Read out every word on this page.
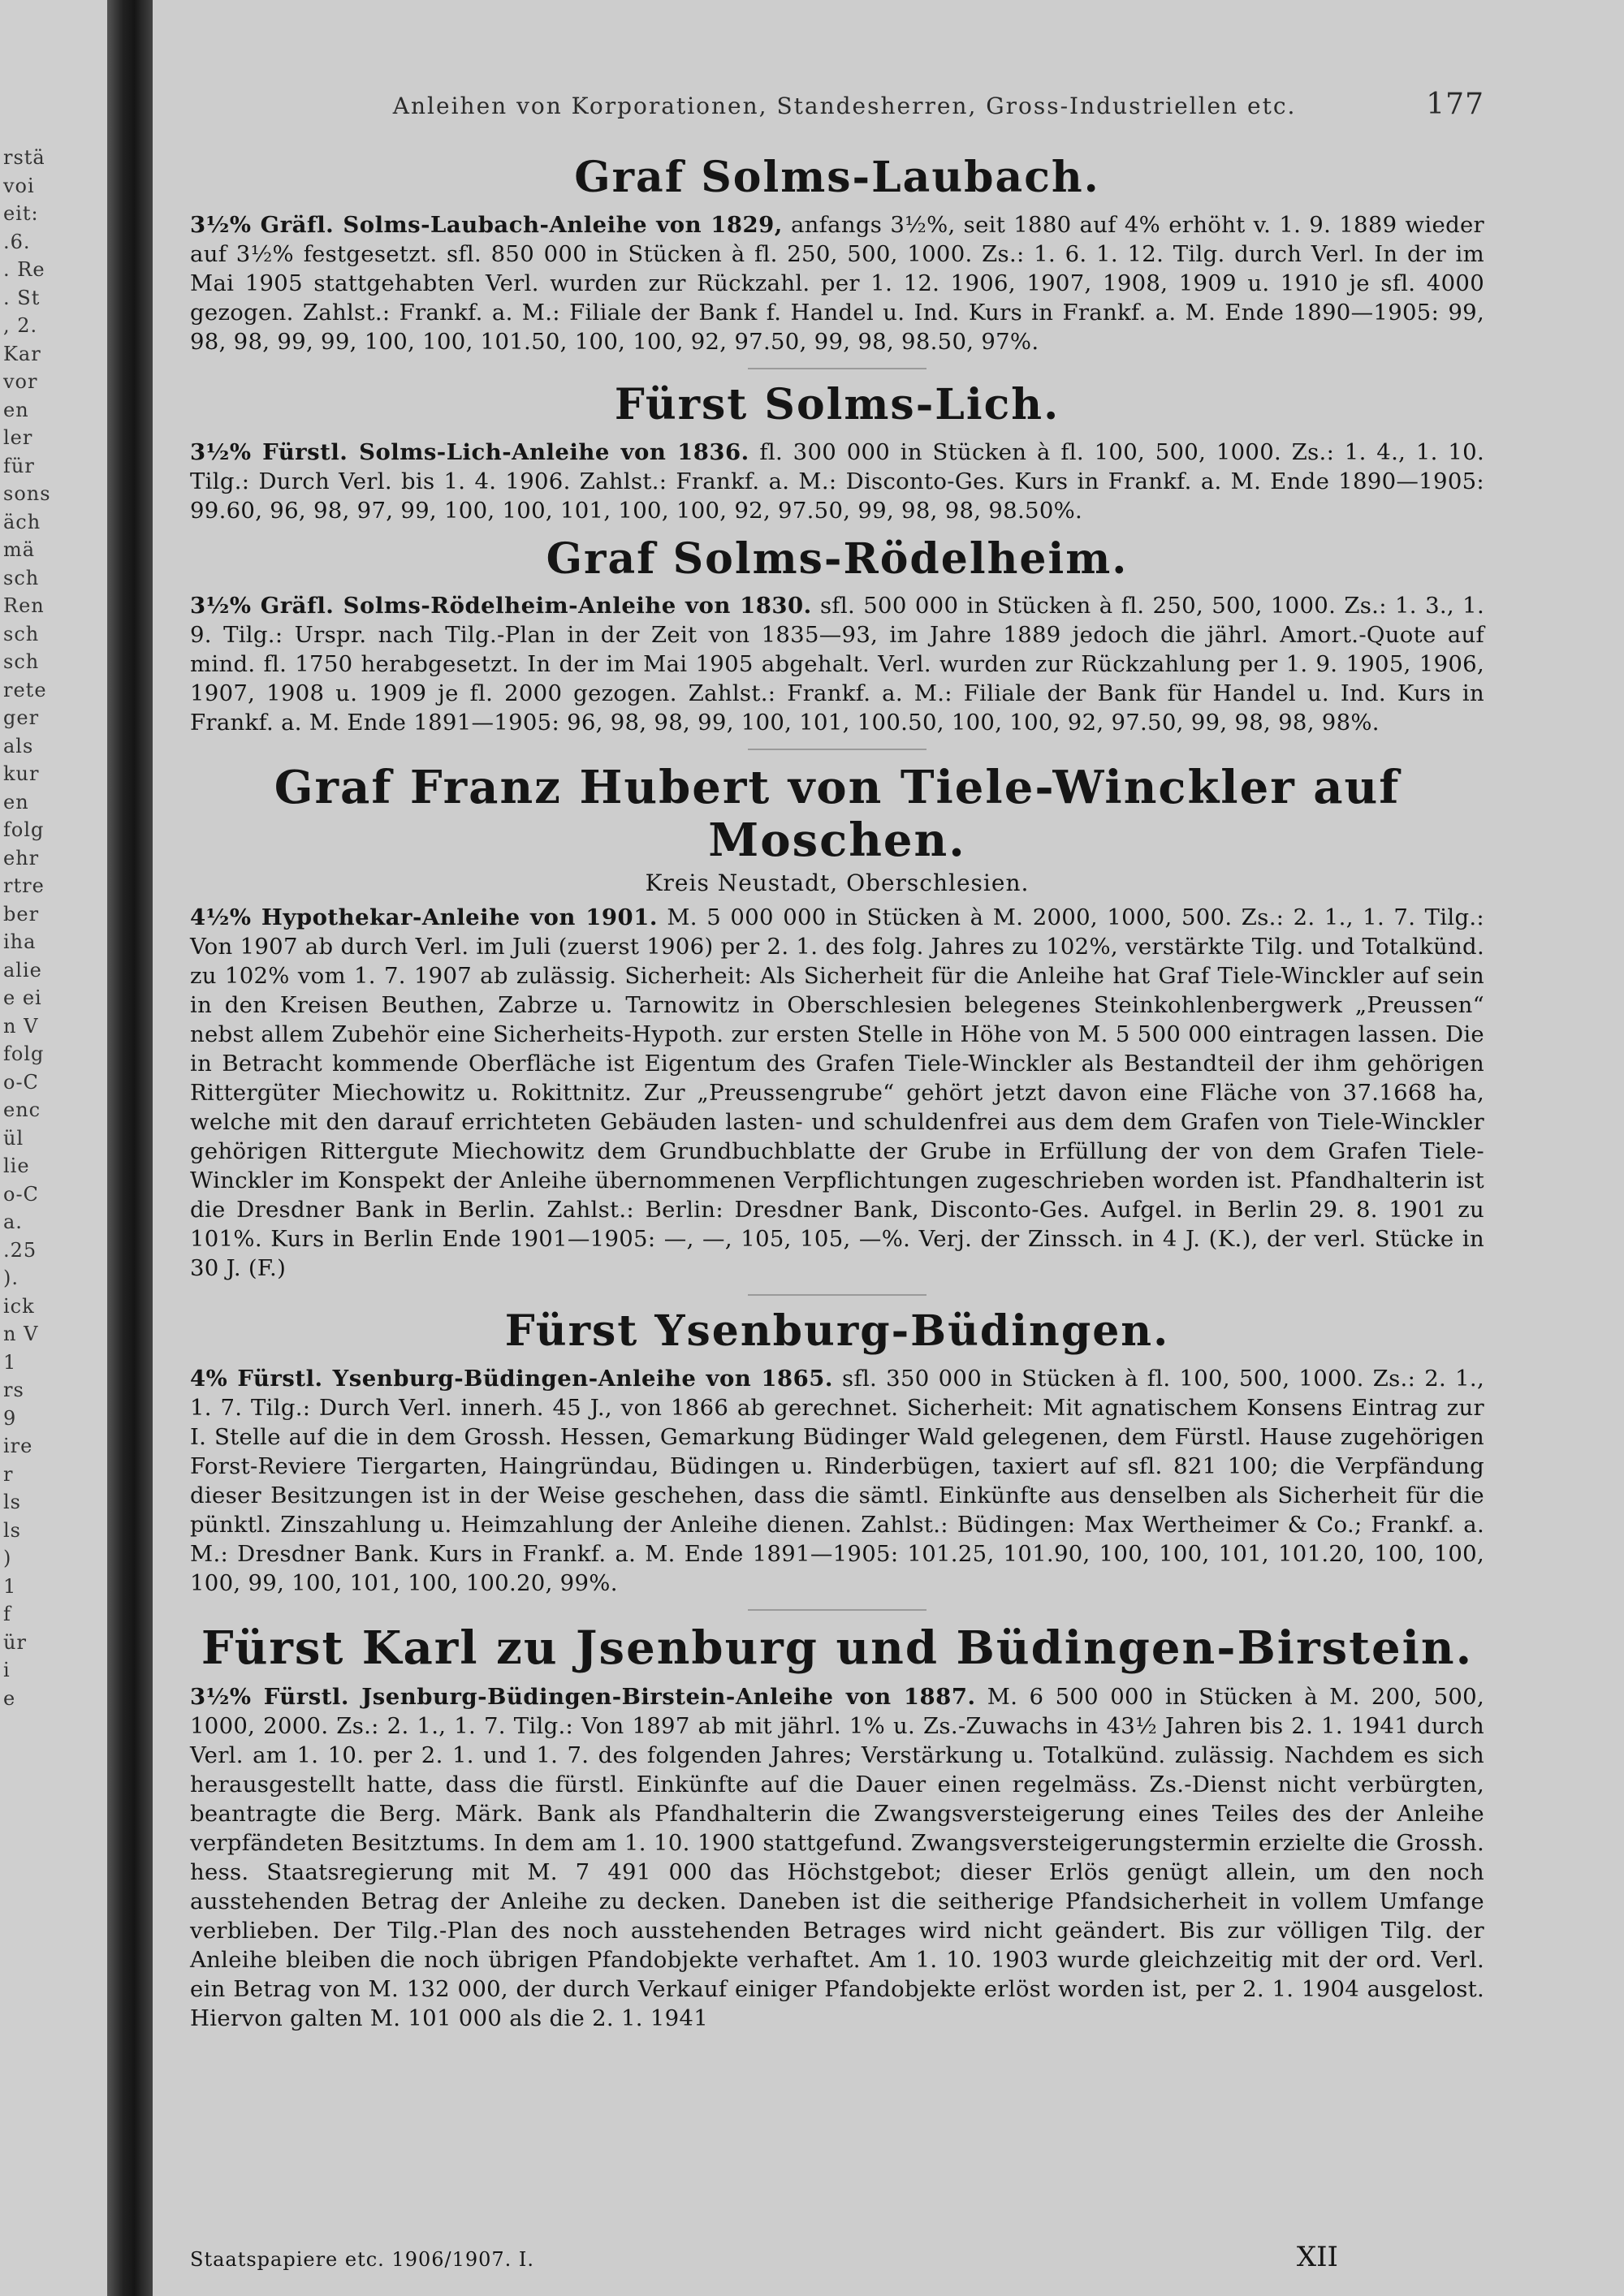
rstä
voi
eit:
.6.
. Re
. St
, 2.
Kar
vor
en
ler
für
sons
äch
mä
sch
Ren
sch
sch
rete
ger
als
kur
en
folg
ehr
rtre
ber
iha
alie
e ei
n V
folg
o-C
enc
ül
lie
o-C
a.
.25
).
ick
n V
1
rs
9
ire
r
ls
ls
)
1
f
ür
i
e
Anleihen von Korporationen, Standesherren, Gross-Industriellen etc.	177
Graf Solms-Laubach.
3½% Gräfl. Solms-Laubach-Anleihe von 1829, anfangs 3½%, seit 1880 auf 4% erhöht v. 1. 9. 1889 wieder auf 3½% festgesetzt. sfl. 850 000 in Stücken à fl. 250, 500, 1000. Zs.: 1. 6. 1. 12. Tilg. durch Verl. In der im Mai 1905 stattgehabten Verl. wurden zur Rückzahl. per 1. 12. 1906, 1907, 1908, 1909 u. 1910 je sfl. 4000 gezogen. Zahlst.: Frankf. a. M.: Filiale der Bank f. Handel u. Ind. Kurs in Frankf. a. M. Ende 1890—1905: 99, 98, 98, 99, 99, 100, 100, 101.50, 100, 100, 92, 97.50, 99, 98, 98.50, 97%.
Fürst Solms-Lich.
3½% Fürstl. Solms-Lich-Anleihe von 1836. fl. 300 000 in Stücken à fl. 100, 500, 1000. Zs.: 1. 4., 1. 10. Tilg.: Durch Verl. bis 1. 4. 1906. Zahlst.: Frankf. a. M.: Disconto-Ges. Kurs in Frankf. a. M. Ende 1890—1905: 99.60, 96, 98, 97, 99, 100, 100, 101, 100, 100, 92, 97.50, 99, 98, 98, 98.50%.
Graf Solms-Rödelheim.
3½% Gräfl. Solms-Rödelheim-Anleihe von 1830. sfl. 500 000 in Stücken à fl. 250, 500, 1000. Zs.: 1. 3., 1. 9. Tilg.: Urspr. nach Tilg.-Plan in der Zeit von 1835—93, im Jahre 1889 jedoch die jährl. Amort.-Quote auf mind. fl. 1750 herabgesetzt. In der im Mai 1905 abgehalt. Verl. wurden zur Rückzahlung per 1. 9. 1905, 1906, 1907, 1908 u. 1909 je fl. 2000 gezogen. Zahlst.: Frankf. a. M.: Filiale der Bank für Handel u. Ind. Kurs in Frankf. a. M. Ende 1891—1905: 96, 98, 98, 99, 100, 101, 100.50, 100, 100, 92, 97.50, 99, 98, 98, 98%.
Graf Franz Hubert von Tiele-Winckler auf Moschen.
Kreis Neustadt, Oberschlesien.
4½% Hypothekar-Anleihe von 1901. M. 5 000 000 in Stücken à M. 2000, 1000, 500. Zs.: 2. 1., 1. 7. Tilg.: Von 1907 ab durch Verl. im Juli (zuerst 1906) per 2. 1. des folg. Jahres zu 102%, verstärkte Tilg. und Totalkünd. zu 102% vom 1. 7. 1907 ab zulässig. Sicherheit: Als Sicherheit für die Anleihe hat Graf Tiele-Winckler auf sein in den Kreisen Beuthen, Zabrze u. Tarnowitz in Oberschlesien belegenes Steinkohlenbergwerk „Preussen“ nebst allem Zubehör eine Sicherheits-Hypoth. zur ersten Stelle in Höhe von M. 5 500 000 eintragen lassen. Die in Betracht kommende Oberfläche ist Eigentum des Grafen Tiele-Winckler als Bestandteil der ihm gehörigen Rittergüter Miechowitz u. Rokittnitz. Zur „Preussengrube“ gehört jetzt davon eine Fläche von 37.1668 ha, welche mit den darauf errichteten Gebäuden lasten- und schuldenfrei aus dem dem Grafen von Tiele-Winckler gehörigen Rittergute Miechowitz dem Grundbuchblatte der Grube in Erfüllung der von dem Grafen Tiele-Winckler im Konspekt der Anleihe übernommenen Verpflichtungen zugeschrieben worden ist. Pfandhalterin ist die Dresdner Bank in Berlin. Zahlst.: Berlin: Dresdner Bank, Disconto-Ges. Aufgel. in Berlin 29. 8. 1901 zu 101%. Kurs in Berlin Ende 1901—1905: —, —, 105, 105, —%. Verj. der Zinssch. in 4 J. (K.), der verl. Stücke in 30 J. (F.)
Fürst Ysenburg-Büdingen.
4% Fürstl. Ysenburg-Büdingen-Anleihe von 1865. sfl. 350 000 in Stücken à fl. 100, 500, 1000. Zs.: 2. 1., 1. 7. Tilg.: Durch Verl. innerh. 45 J., von 1866 ab gerechnet. Sicherheit: Mit agnatischem Konsens Eintrag zur I. Stelle auf die in dem Grossh. Hessen, Gemarkung Büdinger Wald gelegenen, dem Fürstl. Hause zugehörigen Forst-Reviere Tiergarten, Haingründau, Büdingen u. Rinderbügen, taxiert auf sfl. 821 100; die Verpfändung dieser Besitzungen ist in der Weise geschehen, dass die sämtl. Einkünfte aus denselben als Sicherheit für die pünktl. Zinszahlung u. Heimzahlung der Anleihe dienen. Zahlst.: Büdingen: Max Wertheimer & Co.; Frankf. a. M.: Dresdner Bank. Kurs in Frankf. a. M. Ende 1891—1905: 101.25, 101.90, 100, 100, 101, 101.20, 100, 100, 100, 99, 100, 101, 100, 100.20, 99%.
Fürst Karl zu Jsenburg und Büdingen-Birstein.
3½% Fürstl. Jsenburg-Büdingen-Birstein-Anleihe von 1887. M. 6 500 000 in Stücken à M. 200, 500, 1000, 2000. Zs.: 2. 1., 1. 7. Tilg.: Von 1897 ab mit jährl. 1% u. Zs.-Zuwachs in 43½ Jahren bis 2. 1. 1941 durch Verl. am 1. 10. per 2. 1. und 1. 7. des folgenden Jahres; Verstärkung u. Totalkünd. zulässig. Nachdem es sich herausgestellt hatte, dass die fürstl. Einkünfte auf die Dauer einen regelmäss. Zs.-Dienst nicht verbürgten, beantragte die Berg. Märk. Bank als Pfandhalterin die Zwangsversteigerung eines Teiles des der Anleihe verpfändeten Besitztums. In dem am 1. 10. 1900 stattgefund. Zwangsversteigerungstermin erzielte die Grossh. hess. Staatsregierung mit M. 7 491 000 das Höchstgebot; dieser Erlös genügt allein, um den noch ausstehenden Betrag der Anleihe zu decken. Daneben ist die seitherige Pfandsicherheit in vollem Umfange verblieben. Der Tilg.-Plan des noch ausstehenden Betrages wird nicht geändert. Bis zur völligen Tilg. der Anleihe bleiben die noch übrigen Pfandobjekte verhaftet. Am 1. 10. 1903 wurde gleichzeitig mit der ord. Verl. ein Betrag von M. 132 000, der durch Verkauf einiger Pfandobjekte erlöst worden ist, per 2. 1. 1904 ausgelost. Hiervon galten M. 101 000 als die 2. 1. 1941
Staatspapiere etc. 1906/1907. I.	XII
